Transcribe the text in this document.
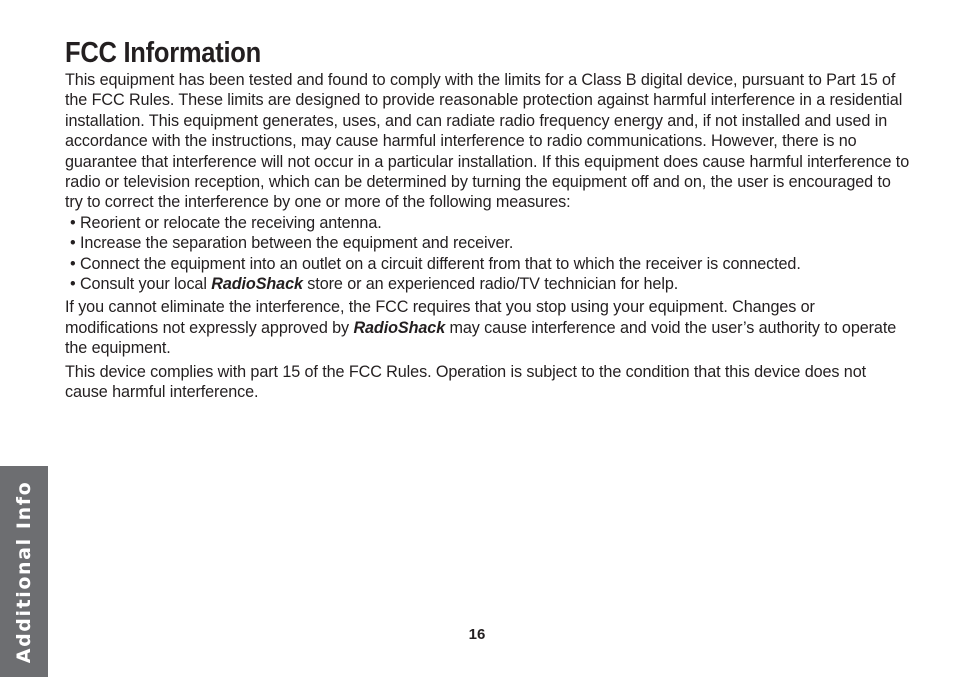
Additional Info
FCC Information

This equipment has been tested and found to comply with the limits for a Class B digital device, pursuant to Part 15 of the FCC Rules. These limits are designed to provide reasonable protection against harmful interference in a residential installation. This equipment generates, uses, and can radiate radio frequency energy and, if not installed and used in accordance with the instructions, may cause harmful interference to radio communications. However, there is no guarantee that interference will not occur in a particular installation. If this equipment does cause harmful interference to radio or television reception, which can be determined by turning the equipment off and on, the user is encouraged to try to correct the interference by one or more of the following measures:

• Reorient or relocate the receiving antenna.
• Increase the separation between the equipment and receiver.
• Connect the equipment into an outlet on a circuit different from that to which the receiver is connected.
• Consult your local RadioShack store or an experienced radio/TV technician for help.

If you cannot eliminate the interference, the FCC requires that you stop using your equipment. Changes or modifications not expressly approved by RadioShack may cause interference and void the user’s authority to operate the equipment.

This device complies with part 15 of the FCC Rules. Operation is subject to the condition that this device does not cause harmful interference.

16
